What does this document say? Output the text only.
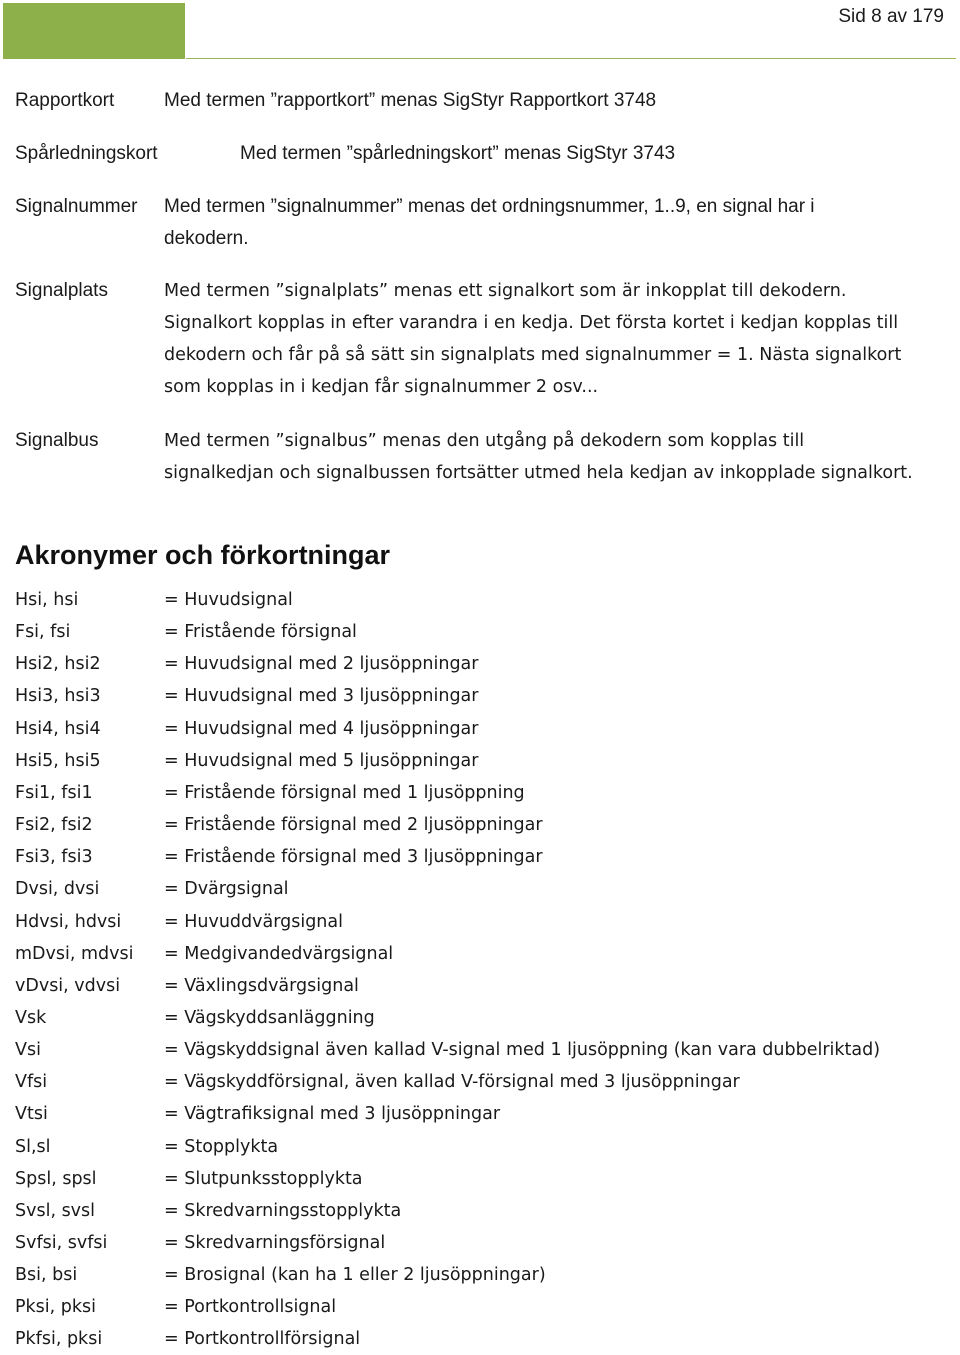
Sid 8 av 179
Rapportkort	Med termen ”rapportkort” menas SigStyr Rapportkort 3748
Spårledningskort	Med termen ”spårledningskort” menas SigStyr 3743
Signalnummer Med termen ”signalnummer” menas det ordningsnummer, 1..9, en signal har i
dekodern.
Signalplats	Med termen ”signalplats” menas ett signalkort som är inkopplat till dekodern.
Signalkort kopplas in efter varandra i en kedja. Det första kortet i kedjan kopplas till
dekodern och får på så sätt sin signalplats med signalnummer = 1. Nästa signalkort
som kopplas in i kedjan får signalnummer 2 osv...
Signalbus	Med termen ”signalbus” menas den utgång på dekodern som kopplas till
signalkedjan och signalbussen fortsätter utmed hela kedjan av inkopplade signalkort.
Akronymer och förkortningar
Hsi, hsi	= Huvudsignal
Fsi, fsi	= Fristående försignal
Hsi2, hsi2	= Huvudsignal med 2 ljusöppningar
Hsi3, hsi3	= Huvudsignal med 3 ljusöppningar
Hsi4, hsi4	= Huvudsignal med 4 ljusöppningar
Hsi5, hsi5	= Huvudsignal med 5 ljusöppningar
Fsi1, fsi1	= Fristående försignal med 1 ljusöppning
Fsi2, fsi2	= Fristående försignal med 2 ljusöppningar
Fsi3, fsi3	= Fristående försignal med 3 ljusöppningar
Dvsi, dvsi	= Dvärgsignal
Hdvsi, hdvsi = Huvuddvärgsignal
mDvsi, mdvsi = Medgivandedvärgsignal
vDvsi, vdvsi	= Växlingsdvärgsignal
Vsk	= Vägskyddsanläggning
Vsi	= Vägskyddsignal även kallad V-signal med 1 ljusöppning (kan vara dubbelriktad)
Vfsi	= Vägskyddförsignal, även kallad V-försignal med 3 ljusöppningar
Vtsi	= Vägtrafiksignal med 3 ljusöppningar
Sl,sl	= Stopplykta
Spsl, spsl	= Slutpunksstopplykta
Svsl, svsl	= Skredvarningsstopplykta
Svfsi, svfsi	= Skredvarningsförsignal
Bsi, bsi	= Brosignal (kan ha 1 eller 2 ljusöppningar)
Pksi, pksi	= Portkontrollsignal
Pkfsi, pksi	= Portkontrollförsignal
